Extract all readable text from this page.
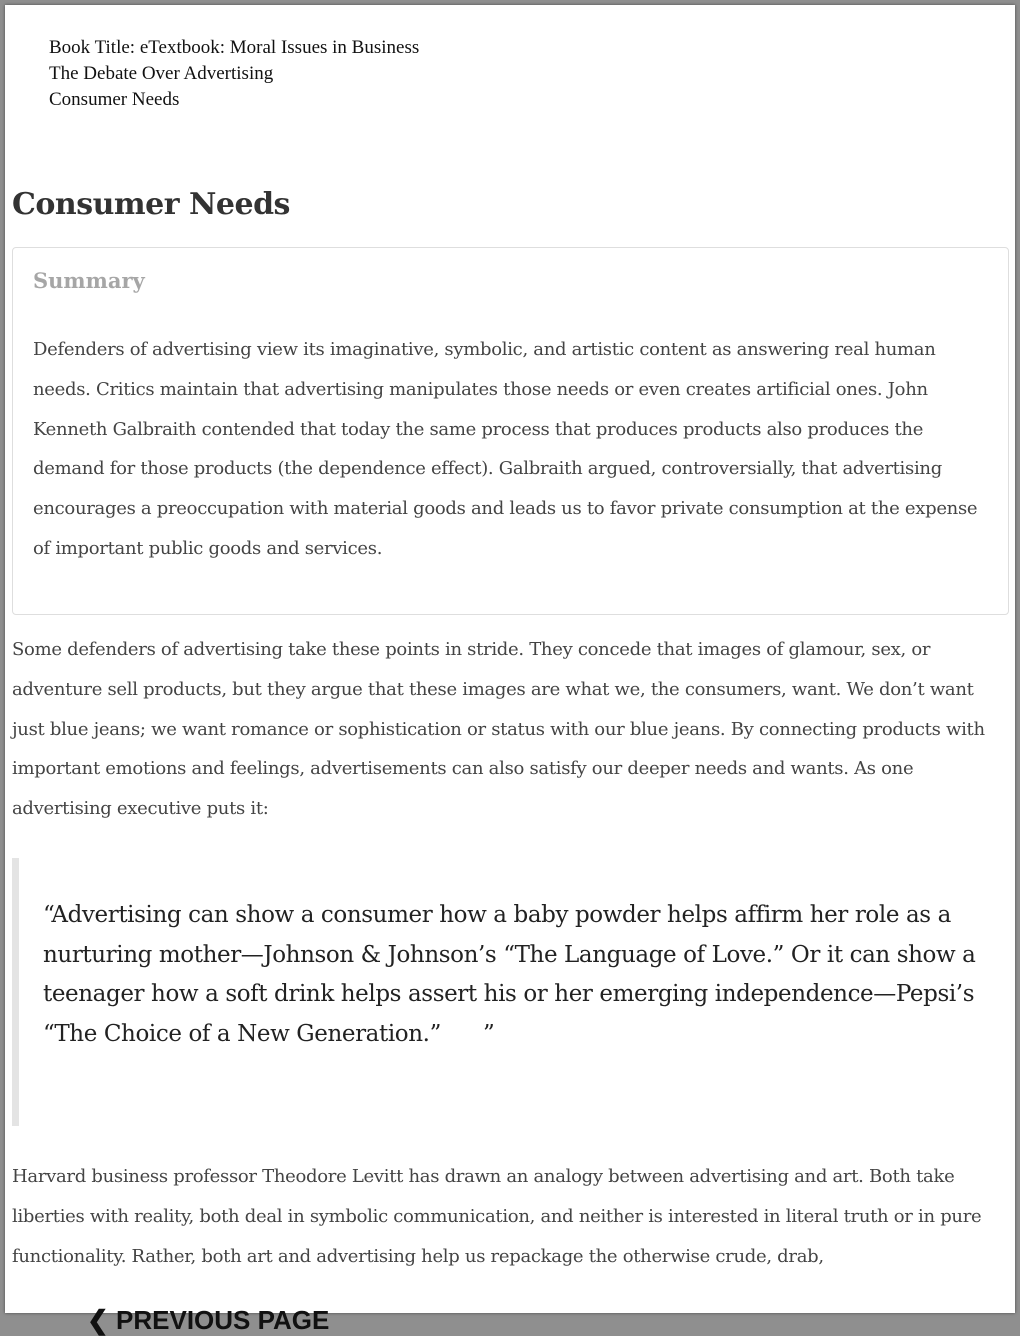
Book Title: eTextbook: Moral Issues in Business
The Debate Over Advertising
Consumer Needs
Consumer Needs
Summary
Defenders of advertising view its imaginative, symbolic, and artistic content as answering real human needs. Critics maintain that advertising manipulates those needs or even creates artificial ones. John Kenneth Galbraith contended that today the same process that produces products also produces the demand for those products (the dependence effect). Galbraith argued, controversially, that advertising encourages a preoccupation with material goods and leads us to favor private consumption at the expense of important public goods and services.
Some defenders of advertising take these points in stride. They concede that images of glamour, sex, or adventure sell products, but they argue that these images are what we, the consumers, want. We don’t want just blue jeans; we want romance or sophistication or status with our blue jeans. By connecting products with important emotions and feelings, advertisements can also satisfy our deeper needs and wants. As one advertising executive puts it:
“Advertising can show a consumer how a baby powder helps affirm her role as a nurturing mother—Johnson & Johnson’s “The Language of Love.” Or it can show a teenager how a soft drink helps assert his or her emerging independence—Pepsi’s “The Choice of a New Generation.” ”
Harvard business professor Theodore Levitt has drawn an analogy between advertising and art. Both take liberties with reality, both deal in symbolic communication, and neither is interested in literal truth or in pure functionality. Rather, both art and advertising help us repackage the otherwise crude, drab,
❮ PREVIOUS PAGE
